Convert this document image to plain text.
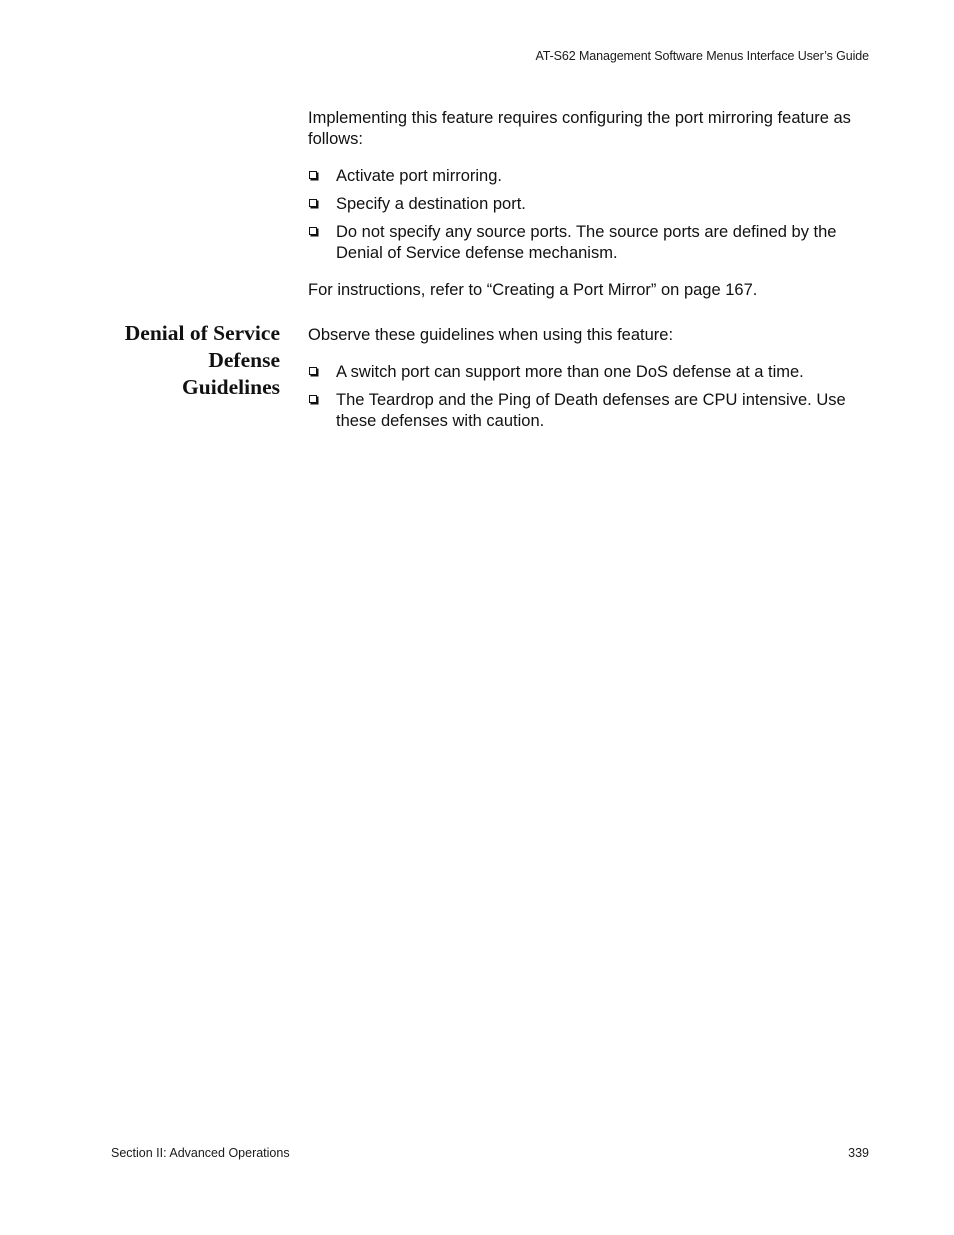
AT-S62 Management Software Menus Interface User’s Guide

Implementing this feature requires configuring the port mirroring feature as follows:

Activate port mirroring.
Specify a destination port.
Do not specify any source ports. The source ports are defined by the Denial of Service defense mechanism.

For instructions, refer to “Creating a Port Mirror” on page 167.

Denial of Service
Defense
Guidelines

Observe these guidelines when using this feature:

A switch port can support more than one DoS defense at a time.
The Teardrop and the Ping of Death defenses are CPU intensive. Use these defenses with caution.
Section II: Advanced Operations	339
